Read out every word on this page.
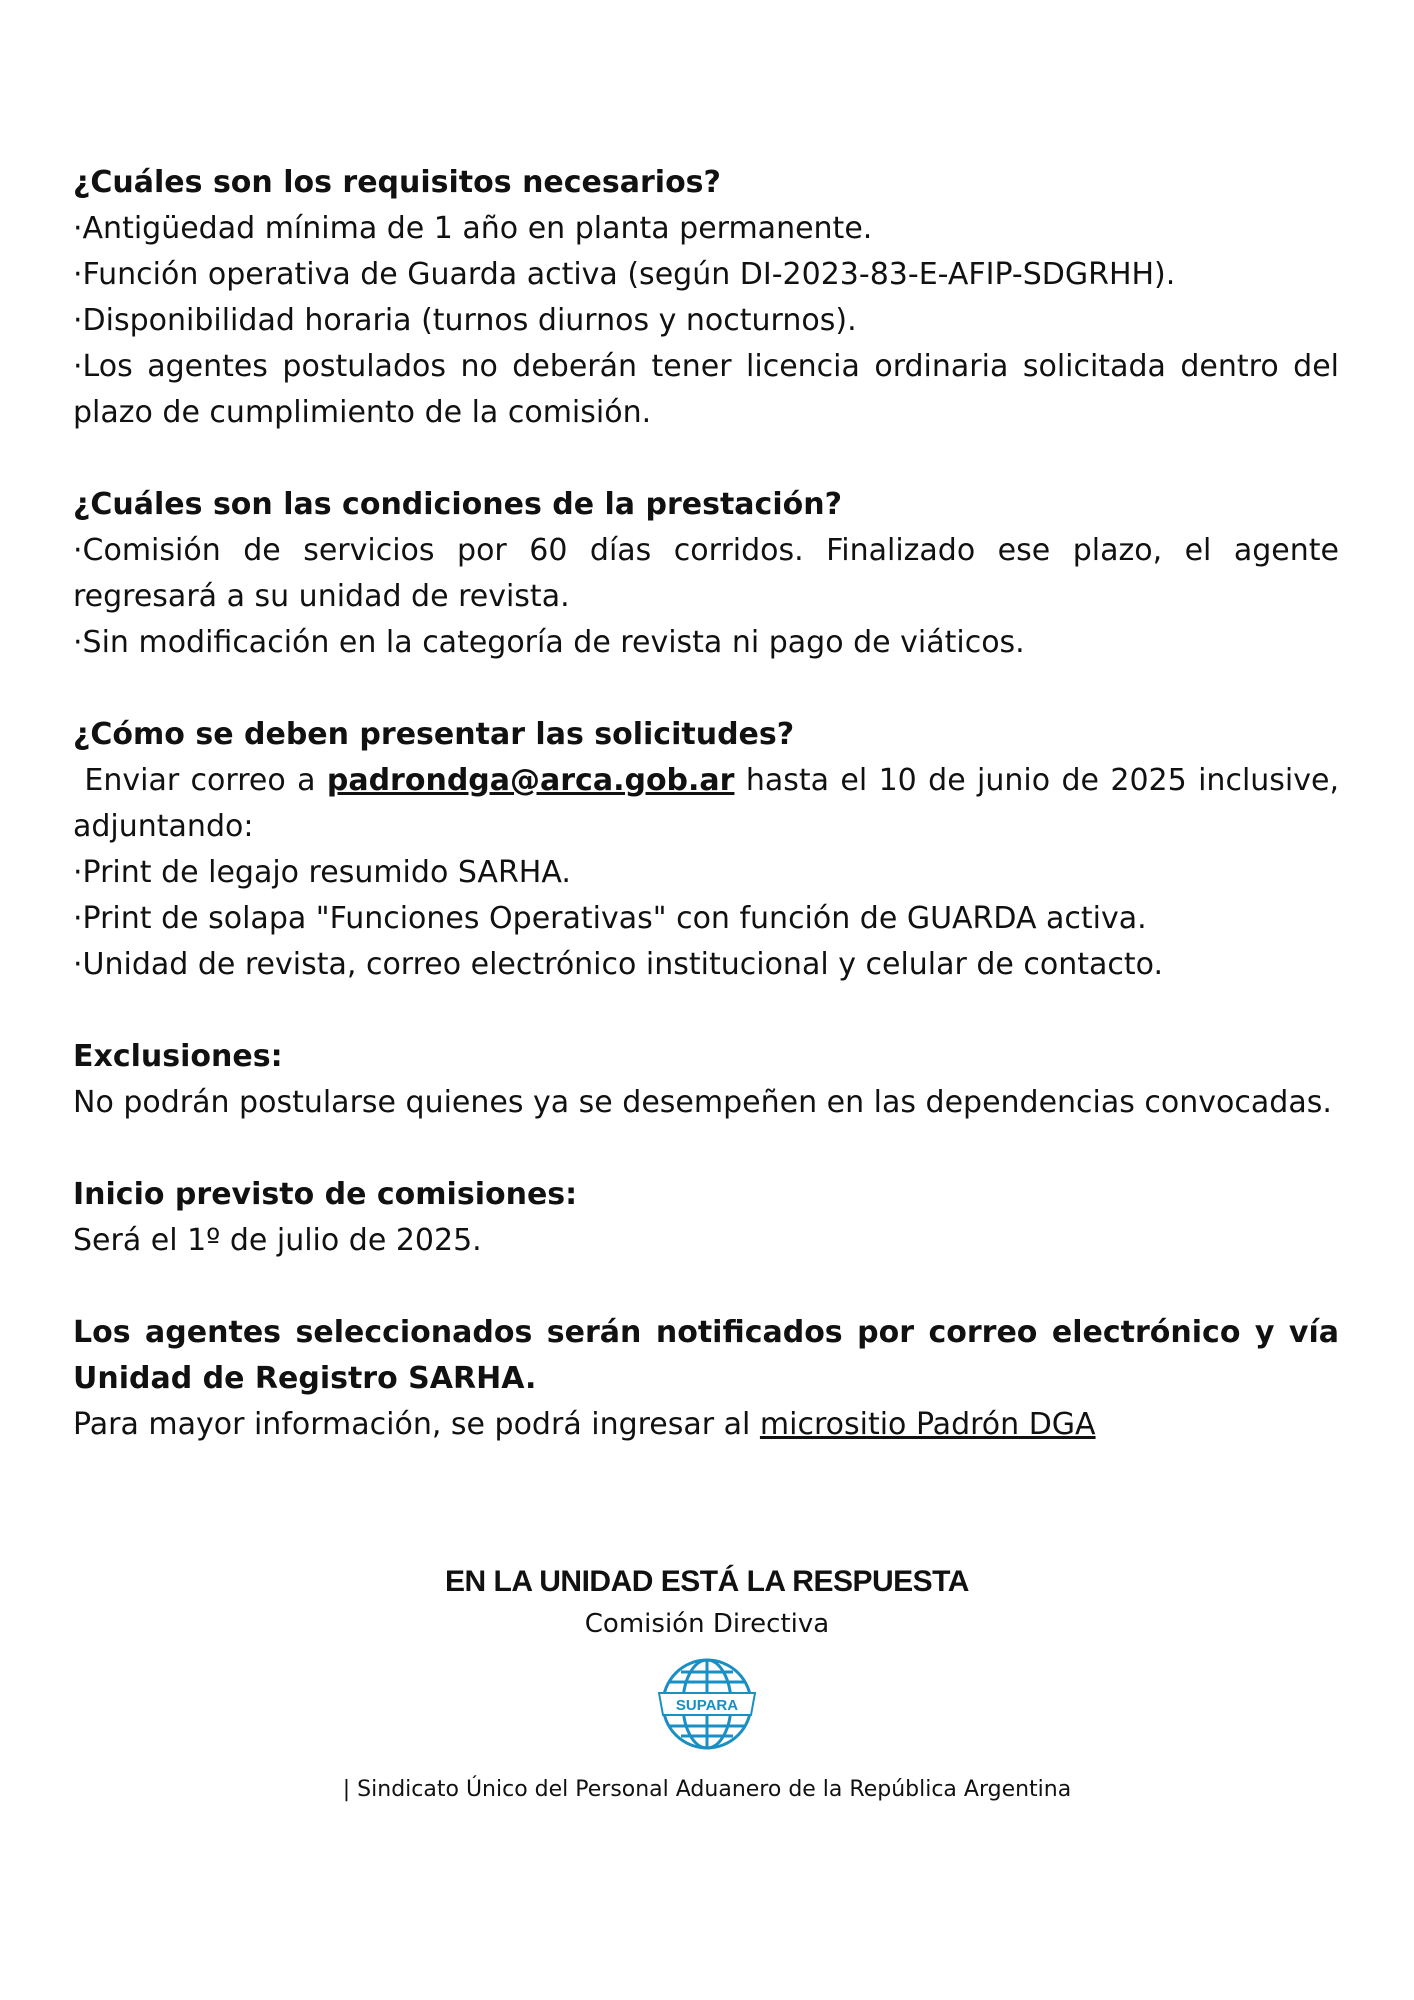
¿Cuáles son los requisitos necesarios?
·Antigüedad mínima de 1 año en planta permanente.
·Función operativa de Guarda activa (según DI-2023-83-E-AFIP-SDGRHH).
·Disponibilidad horaria (turnos diurnos y nocturnos).
·Los agentes postulados no deberán tener licencia ordinaria solicitada dentro del plazo de cumplimiento de la comisión.
¿Cuáles son las condiciones de la prestación?
·Comisión de servicios por 60 días corridos. Finalizado ese plazo, el agente regresará a su unidad de revista.
·Sin modificación en la categoría de revista ni pago de viáticos.
¿Cómo se deben presentar las solicitudes?
Enviar correo a padrondga@arca.gob.ar hasta el 10 de junio de 2025 inclusive, adjuntando:
·Print de legajo resumido SARHA.
·Print de solapa "Funciones Operativas" con función de GUARDA activa.
·Unidad de revista, correo electrónico institucional y celular de contacto.
Exclusiones:
No podrán postularse quienes ya se desempeñen en las dependencias convocadas.
Inicio previsto de comisiones:
Será el 1º de julio de 2025.
Los agentes seleccionados serán notificados por correo electrónico y vía Unidad de Registro SARHA.
Para mayor información, se podrá ingresar al micrositio Padrón DGA
EN LA UNIDAD ESTÁ LA RESPUESTA
Comisión Directiva
SUPARA
| Sindicato Único del Personal Aduanero de la República Argentina
